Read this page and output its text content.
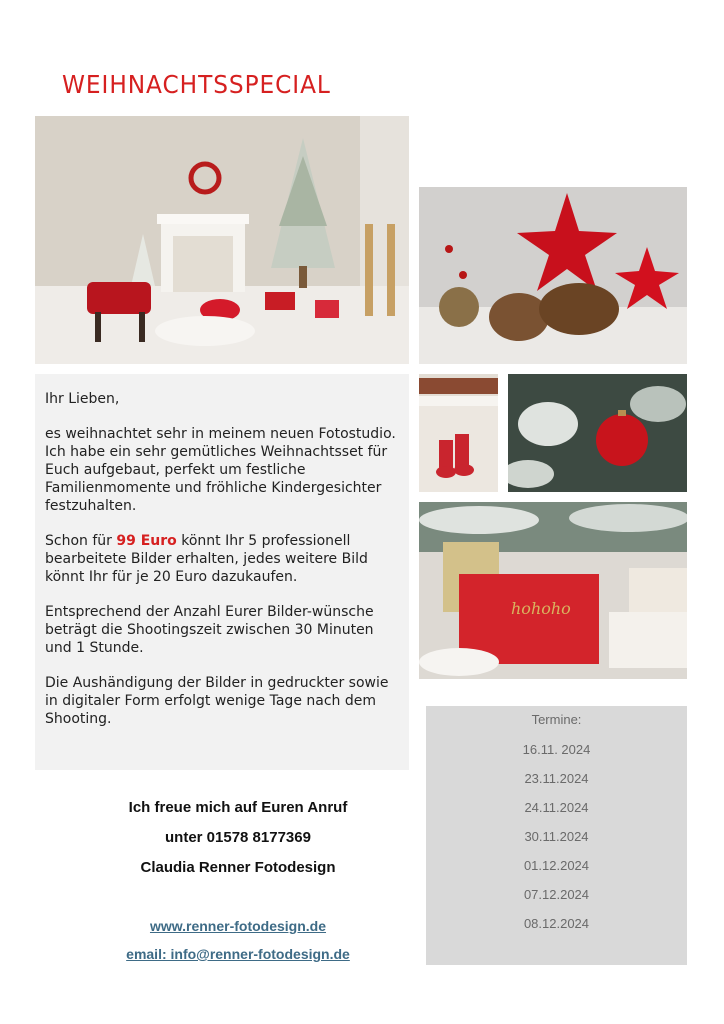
WEIHNACHTSSPECIAL
hohoho

Ihr Lieben,

es weihnachtet sehr in meinem neuen Fotostudio. Ich habe ein sehr gemütliches Weihnachtsset für Euch aufgebaut, perfekt um festliche Familienmomente und fröhliche Kindergesichter festzuhalten.

Schon für 99 Euro könnt Ihr 5 professionell bearbeitete Bilder erhalten, jedes weitere Bild könnt Ihr für je 20 Euro dazukaufen.

Entsprechend der Anzahl Eurer Bilder-wünsche beträgt die Shootingszeit zwischen 30 Minuten und 1 Stunde.

Die Aushändigung der Bilder in gedruckter sowie in digitaler Form erfolgt wenige Tage nach dem Shooting.

Ich freue mich auf Euren Anruf
unter 01578 8177369
Claudia Renner Fotodesign
www.renner-fotodesign.de
email: info@renner-fotodesign.de
Termine:
16.11. 2024
23.11.2024
24.11.2024
30.11.2024
01.12.2024
07.12.2024
08.12.2024
